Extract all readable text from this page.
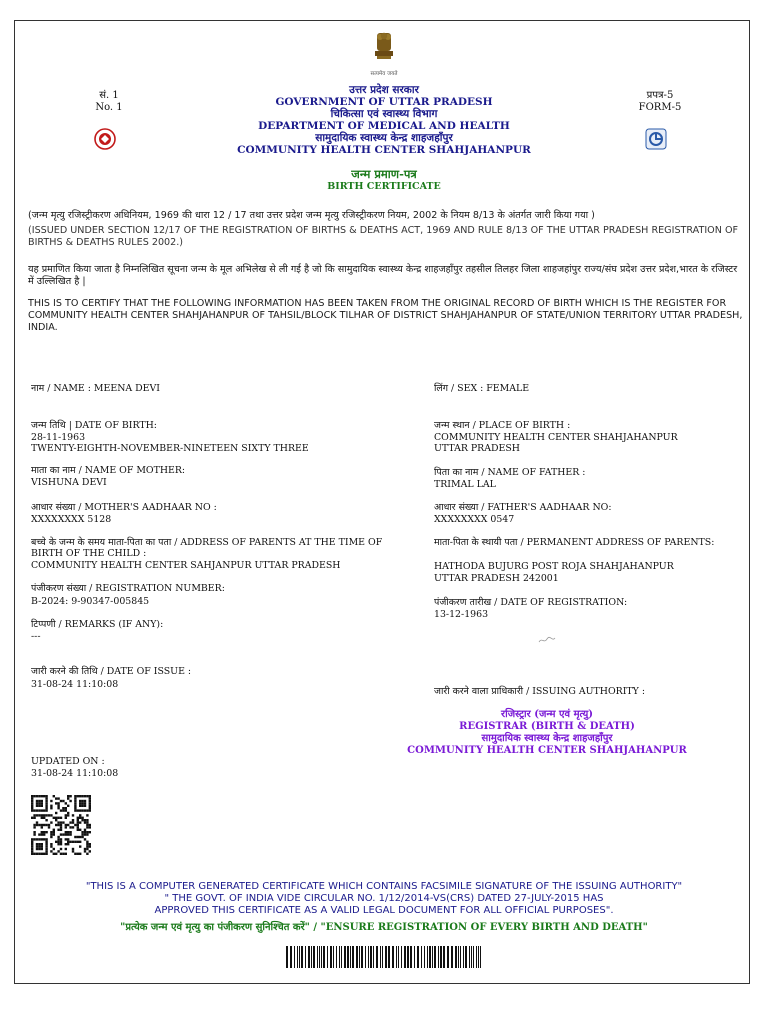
सत्यमेव जयते
सं. 1
No. 1
प्रपत्र-5
FORM-5
उत्तर प्रदेश सरकार
GOVERNMENT OF UTTAR PRADESH
चिकित्सा एवं स्वास्थ्य विभाग
DEPARTMENT OF MEDICAL AND HEALTH
सामुदायिक स्वास्थ्य केन्द्र शाहजहाँपुर
COMMUNITY HEALTH CENTER SHAHJAHANPUR
जन्म प्रमाण-पत्र
BIRTH CERTIFICATE
(जन्म मृत्यु रजिस्ट्रीकरण अधिनियम, 1969 की धारा 12 / 17 तथा उत्तर प्रदेश जन्म मृत्यु रजिस्ट्रीकरण नियम, 2002 के नियम 8/13 के अंतर्गत जारी किया गया )
(ISSUED UNDER SECTION 12/17 OF THE REGISTRATION OF BIRTHS & DEATHS ACT, 1969 AND RULE 8/13 OF THE UTTAR PRADESH REGISTRATION OF BIRTHS & DEATHS RULES 2002.)
यह प्रमाणित किया जाता है निम्नलिखित सूचना जन्म के मूल अभिलेख से ली गई है जो कि सामुदायिक स्वास्थ्य केन्द्र शाहजहाँपुर तहसील तिलहर जिला शाहजहांपुर राज्य/संघ प्रदेश उत्तर प्रदेश,भारत के रजिस्टर में उल्लिखित है |
THIS IS TO CERTIFY THAT THE FOLLOWING INFORMATION HAS BEEN TAKEN FROM THE ORIGINAL RECORD OF BIRTH WHICH IS THE REGISTER FOR COMMUNITY HEALTH CENTER SHAHJAHANPUR OF TAHSIL/BLOCK TILHAR OF DISTRICT SHAHJAHANPUR OF STATE/UNION TERRITORY UTTAR PRADESH, INDIA.
नाम / NAME : MEENA DEVI
जन्म तिथि | DATE OF BIRTH:
28-11-1963
TWENTY-EIGHTH-NOVEMBER-NINETEEN SIXTY THREE
माता का नाम / NAME OF MOTHER:
VISHUNA DEVI
आधार संख्या / MOTHER'S AADHAAR NO :
XXXXXXXX 5128
बच्चे के जन्म के समय माता-पिता का पता / ADDRESS OF PARENTS AT THE TIME OF BIRTH OF THE CHILD :
COMMUNITY HEALTH CENTER SAHJANPUR UTTAR PRADESH
पंजीकरण संख्या / REGISTRATION NUMBER:
B-2024: 9-90347-005845
टिप्पणी / REMARKS (IF ANY):
---
जारी करने की तिथि / DATE OF ISSUE :
31-08-24 11:10:08
UPDATED ON :
31-08-24 11:10:08
लिंग / SEX : FEMALE
जन्म स्थान / PLACE OF BIRTH :
COMMUNITY HEALTH CENTER SHAHJAHANPUR
UTTAR PRADESH
पिता का नाम / NAME OF FATHER :
TRIMAL LAL
आधार संख्या / FATHER'S AADHAAR NO:
XXXXXXXX 0547
माता-पिता के स्थायी पता / PERMANENT ADDRESS OF PARENTS:
HATHODA BUJURG POST ROJA SHAHJAHANPUR
UTTAR PRADESH 242001
पंजीकरण तारीख / DATE OF REGISTRATION:
13-12-1963
जारी करने वाला प्राधिकारी / ISSUING AUTHORITY :
रजिस्ट्रार (जन्म एवं मृत्यु)
REGISTRAR (BIRTH & DEATH)
सामुदायिक स्वास्थ्य केन्द्र शाहजहाँपुर
COMMUNITY HEALTH CENTER SHAHJAHANPUR
"THIS IS A COMPUTER GENERATED CERTIFICATE WHICH CONTAINS FACSIMILE SIGNATURE OF THE ISSUING AUTHORITY"
" THE GOVT. OF INDIA VIDE CIRCULAR NO. 1/12/2014-VS(CRS) DATED 27-JULY-2015 HAS
APPROVED THIS CERTIFICATE AS A VALID LEGAL DOCUMENT FOR ALL OFFICIAL PURPOSES".
"प्रत्येक जन्म एवं मृत्यु का पंजीकरण सुनिश्चित करें" / "ENSURE REGISTRATION OF EVERY BIRTH AND DEATH"
